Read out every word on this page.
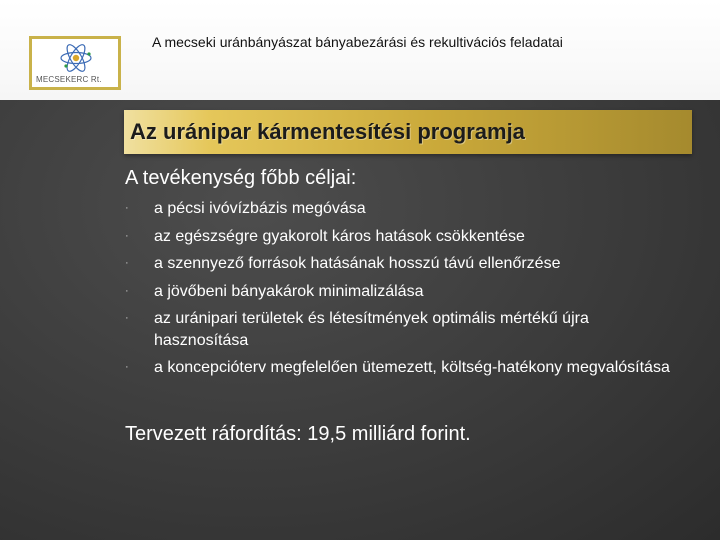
MECSEKERC Rt.
A mecseki uránbányászat bányabezárási és rekultivációs feladatai
Az uránipar kármentesítési programja
A tevékenység főbb céljai:
· a pécsi ivóvízbázis megóvása
· az egészségre gyakorolt káros hatások csökkentése
· a szennyező források hatásának hosszú távú ellenőrzése
· a jövőbeni bányakárok minimalizálása
· az uránipari területek és létesítmények optimális mértékű újra hasznosítása
· a koncepcióterv megfelelően ütemezett, költség-hatékony megvalósítása
Tervezett ráfordítás: 19,5 milliárd forint.
